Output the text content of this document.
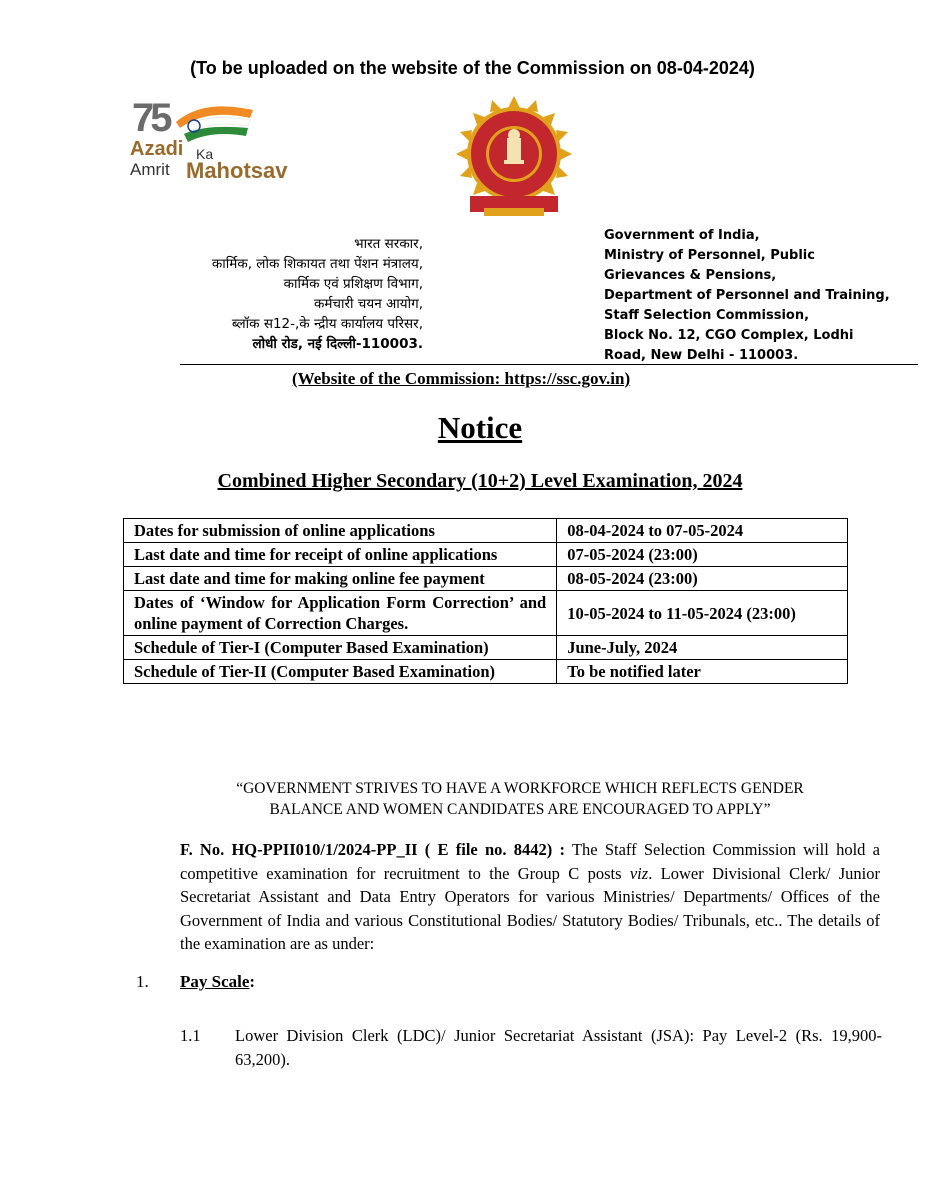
(To be uploaded on the website of the Commission on 08-04-2024)
75
Azadi Ka
Amrit Mahotsav
भारत सरकार,
कार्मिक, लोक शिकायत तथा पेंशन मंत्रालय,
कार्मिक एवं प्रशिक्षण विभाग,
कर्मचारी चयन आयोग,
ब्लॉक स12-,के न्द्रीय कार्यालय परिसर,
लोधी रोड, नई दिल्ली-110003.
Government of India,
Ministry of Personnel, Public
Grievances & Pensions,
Department of Personnel and Training,
Staff Selection Commission,
Block No. 12, CGO Complex, Lodhi
Road, New Delhi - 110003.
(Website of the Commission: https://ssc.gov.in)
Notice
Combined Higher Secondary (10+2) Level Examination, 2024
Dates for submission of online applications	08-04-2024 to 07-05-2024
Last date and time for receipt of online applications	07-05-2024 (23:00)
Last date and time for making online fee payment	08-05-2024 (23:00)
Dates of ‘Window for Application Form Correction’ and online payment of Correction Charges.	10-05-2024 to 11-05-2024 (23:00)
Schedule of Tier-I (Computer Based Examination)	June-July, 2024
Schedule of Tier-II (Computer Based Examination)	To be notified later
“GOVERNMENT STRIVES TO HAVE A WORKFORCE WHICH REFLECTS GENDER
BALANCE AND WOMEN CANDIDATES ARE ENCOURAGED TO APPLY”
F. No. HQ-PPII010/1/2024-PP_II ( E file no. 8442) : The Staff Selection Commission will hold a competitive examination for recruitment to the Group C posts viz. Lower Divisional Clerk/ Junior Secretariat Assistant and Data Entry Operators for various Ministries/ Departments/ Offices of the Government of India and various Constitutional Bodies/ Statutory Bodies/ Tribunals, etc.. The details of the examination are as under:
1. Pay Scale:
1.1 Lower Division Clerk (LDC)/ Junior Secretariat Assistant (JSA): Pay Level-2 (Rs. 19,900-63,200).
